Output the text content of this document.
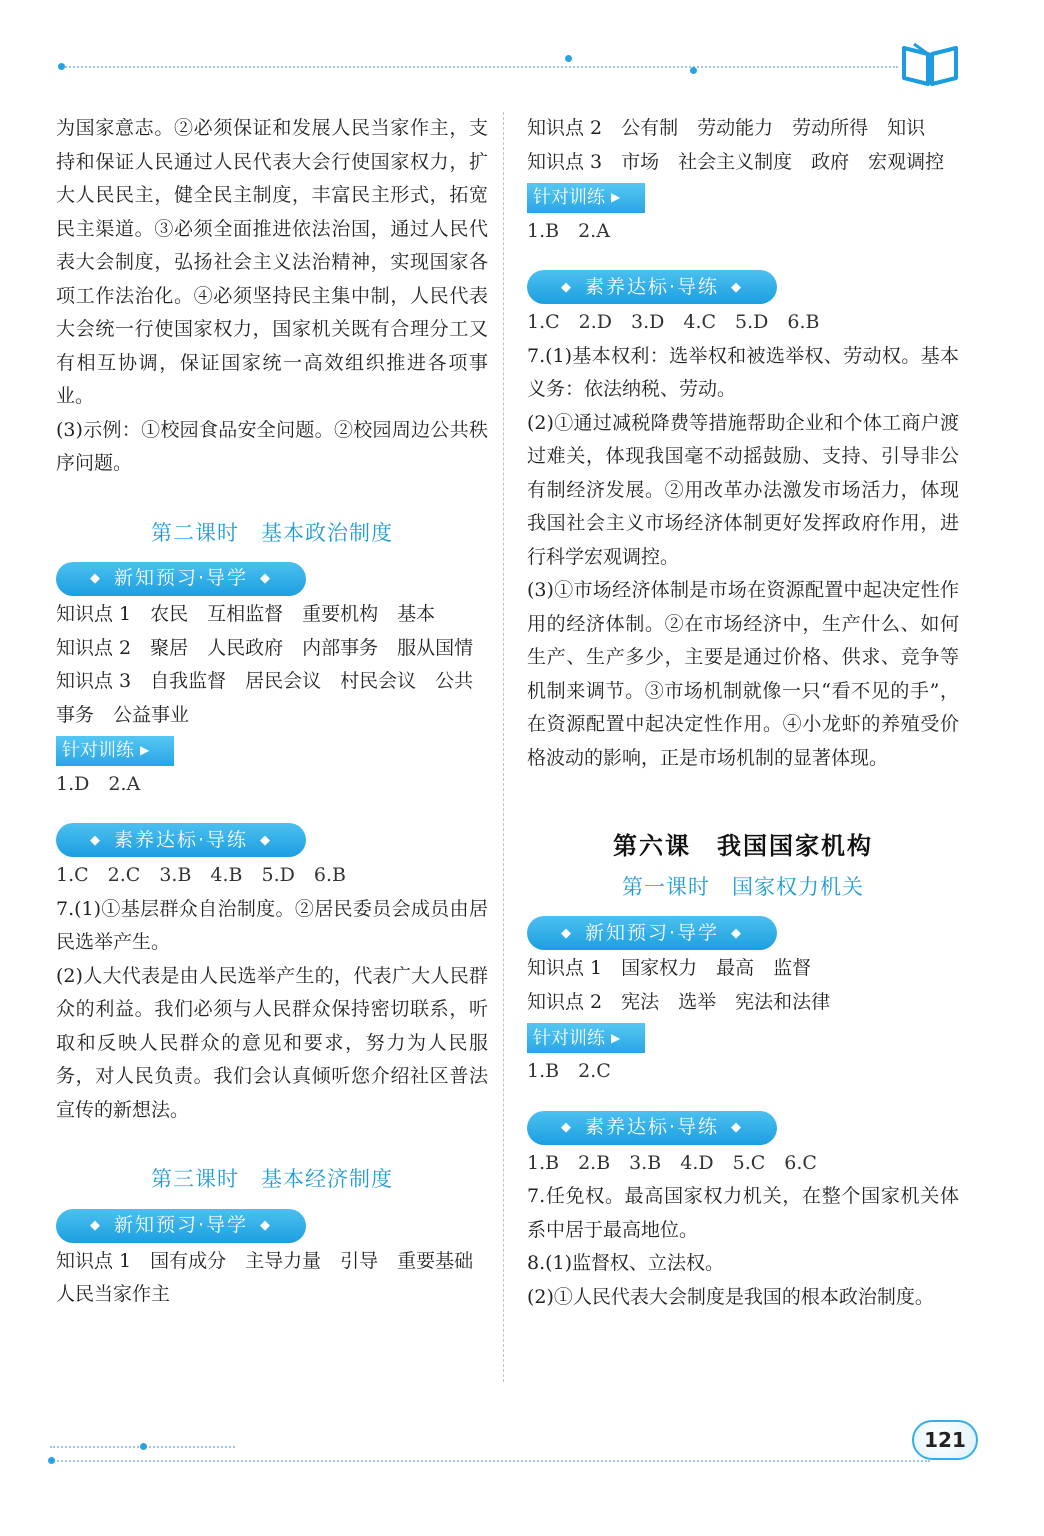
为国家意志。②必须保证和发展人民当家作主，支持和保证人民通过人民代表大会行使国家权力，扩大人民民主，健全民主制度，丰富民主形式，拓宽民主渠道。③必须全面推进依法治国，通过人民代表大会制度，弘扬社会主义法治精神，实现国家各项工作法治化。④必须坚持民主集中制，人民代表大会统一行使国家权力，国家机关既有合理分工又有相互协调，保证国家统一高效组织推进各项事业。

(3)示例：①校园食品安全问题。②校园周边公共秩序问题。

第二课时　基本政治制度

◆ 新知预习·导学 ◆

知识点 1　农民　互相监督　重要机构　基本

知识点 2　聚居　人民政府　内部事务　服从国情

知识点 3　自我监督　居民会议　村民会议　公共事务　公益事业

针对训练 ▶

1.D　2.A

◆ 素养达标·导练 ◆

1.C　2.C　3.B　4.B　5.D　6.B

7.(1)①基层群众自治制度。②居民委员会成员由居民选举产生。

(2)人大代表是由人民选举产生的，代表广大人民群众的利益。我们必须与人民群众保持密切联系，听取和反映人民群众的意见和要求，努力为人民服务，对人民负责。我们会认真倾听您介绍社区普法宣传的新想法。

第三课时　基本经济制度

◆ 新知预习·导学 ◆

知识点 1　国有成分　主导力量　引导　重要基础　人民当家作主

知识点 2　公有制　劳动能力　劳动所得　知识

知识点 3　市场　社会主义制度　政府　宏观调控

针对训练 ▶

1.B　2.A

◆ 素养达标·导练 ◆

1.C　2.D　3.D　4.C　5.D　6.B

7.(1)基本权利：选举权和被选举权、劳动权。基本义务：依法纳税、劳动。

(2)①通过减税降费等措施帮助企业和个体工商户渡过难关，体现我国毫不动摇鼓励、支持、引导非公有制经济发展。②用改革办法激发市场活力，体现我国社会主义市场经济体制更好发挥政府作用，进行科学宏观调控。

(3)①市场经济体制是市场在资源配置中起决定性作用的经济体制。②在市场经济中，生产什么、如何生产、生产多少，主要是通过价格、供求、竞争等机制来调节。③市场机制就像一只“看不见的手”，在资源配置中起决定性作用。④小龙虾的养殖受价格波动的影响，正是市场机制的显著体现。

第六课　我国国家机构

第一课时　国家权力机关

◆ 新知预习·导学 ◆

知识点 1　国家权力　最高　监督

知识点 2　宪法　选举　宪法和法律

针对训练 ▶

1.B　2.C

◆ 素养达标·导练 ◆

1.B　2.B　3.B　4.D　5.C　6.C

7.任免权。最高国家权力机关，在整个国家机关体系中居于最高地位。

8.(1)监督权、立法权。

(2)①人民代表大会制度是我国的根本政治制度。

121
